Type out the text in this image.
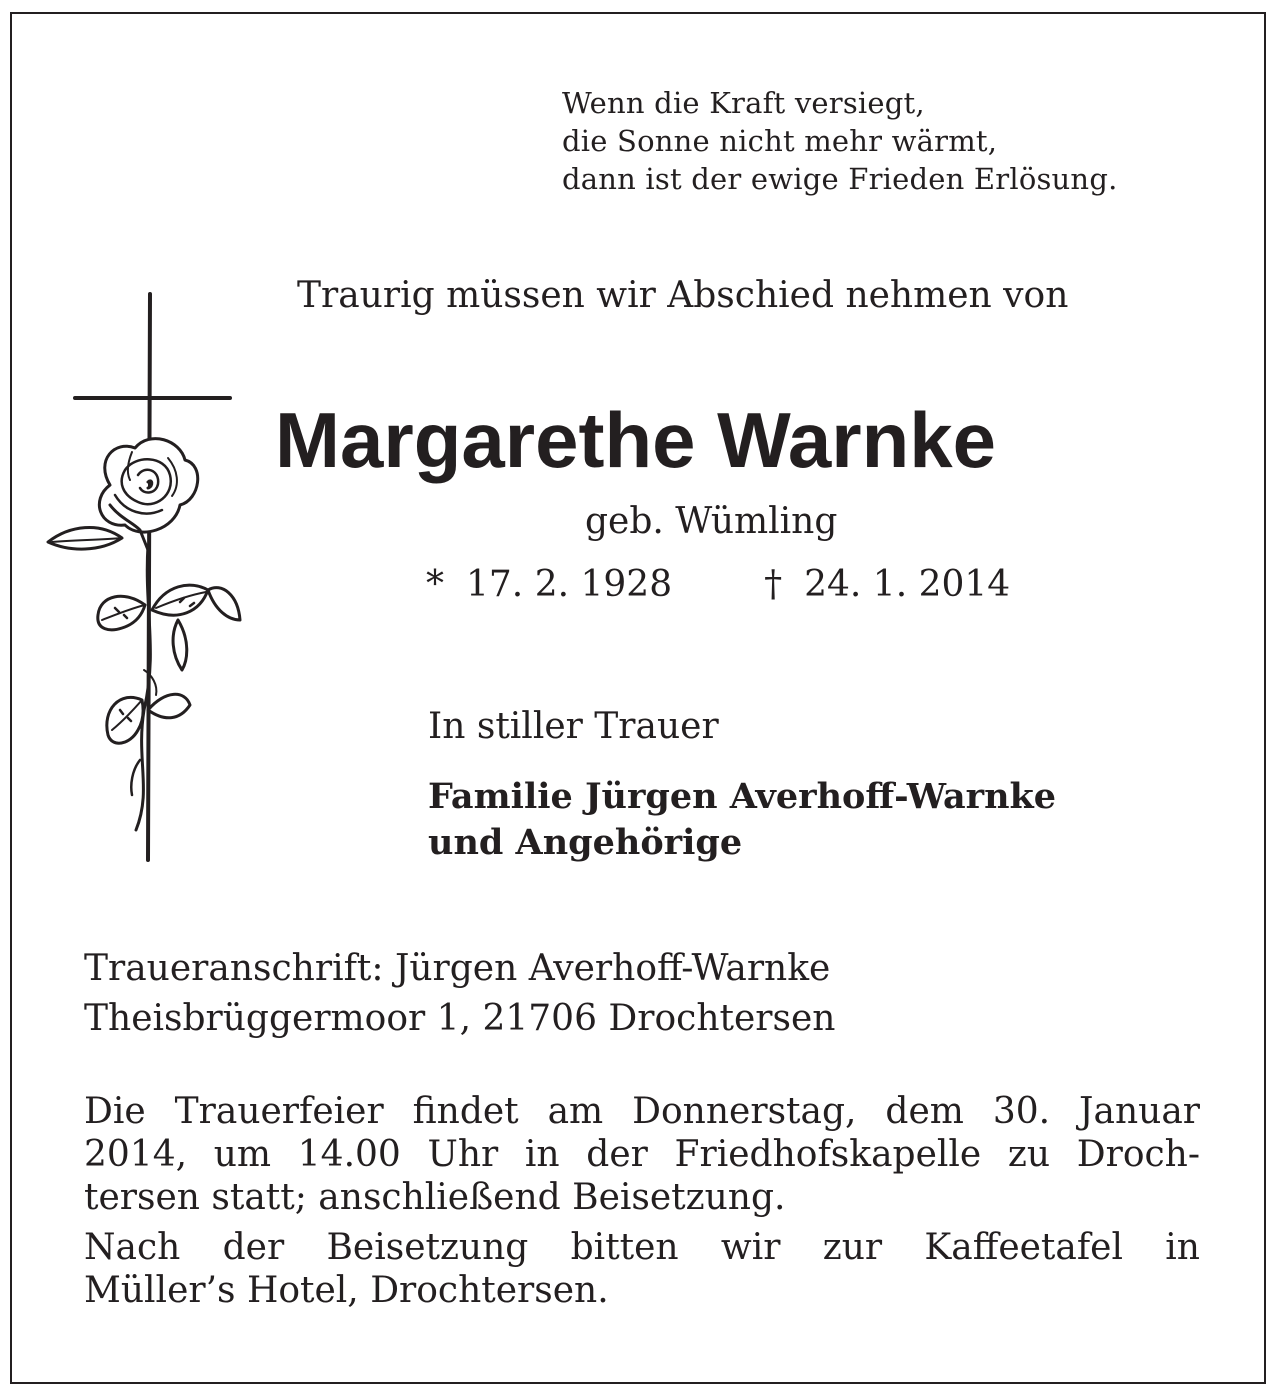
Wenn die Kraft versiegt,
die Sonne nicht mehr wärmt,
dann ist der ewige Frieden Erlösung.
Traurig müssen wir Abschied nehmen von
Margarethe Warnke
geb. Wümling
* 17. 2. 1928	† 24. 1. 2014
In stiller Trauer
Familie Jürgen Averhoff-Warnke
und Angehörige
Traueranschrift: Jürgen Averhoff-Warnke
Theisbrüggermoor 1, 21706 Drochtersen
Die Trauerfeier findet am Donnerstag, dem 30. Januar
2014, um 14.00 Uhr in der Friedhofskapelle zu Droch-
tersen statt; anschließend Beisetzung.
Nach der Beisetzung bitten wir zur Kaffeetafel in
Müller’s Hotel, Drochtersen.
